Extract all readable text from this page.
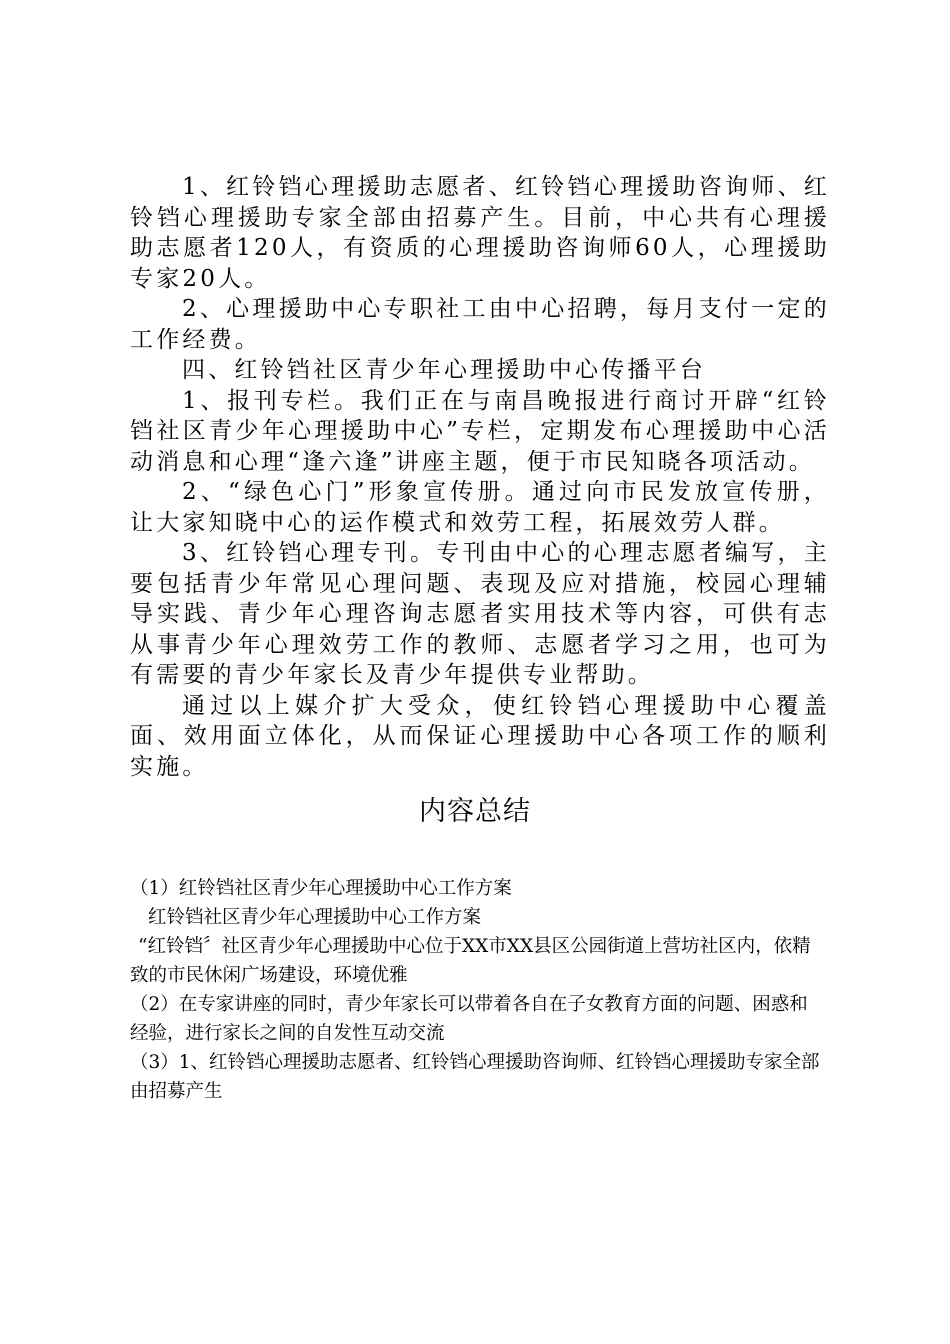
1、红铃铛心理援助志愿者、红铃铛心理援助咨询师、红铃铛心理援助专家全部由招募产生。目前，中心共有心理援助志愿者120人，有资质的心理援助咨询师60人，心理援助专家20人。

2、心理援助中心专职社工由中心招聘，每月支付一定的工作经费。

四、红铃铛社区青少年心理援助中心传播平台

1、报刊专栏。我们正在与南昌晚报进行商讨开辟“红铃铛社区青少年心理援助中心”专栏，定期发布心理援助中心活动消息和心理“逢六逢”讲座主题，便于市民知晓各项活动。

2、“绿色心门”形象宣传册。通过向市民发放宣传册，让大家知晓中心的运作模式和效劳工程，拓展效劳人群。

3、红铃铛心理专刊。专刊由中心的心理志愿者编写，主要包括青少年常见心理问题、表现及应对措施，校园心理辅导实践、青少年心理咨询志愿者实用技术等内容，可供有志从事青少年心理效劳工作的教师、志愿者学习之用，也可为有需要的青少年家长及青少年提供专业帮助。

通过以上媒介扩大受众，使红铃铛心理援助中心覆盖面、效用面立体化，从而保证心理援助中心各项工作的顺利实施。

内容总结

（1）红铃铛社区青少年心理援助中心工作方案

红铃铛社区青少年心理援助中心工作方案

“红铃铛〞社区青少年心理援助中心位于XX市XX县区公园街道上营坊社区内，依精致的市民休闲广场建设，环境优雅

（2）在专家讲座的同时，青少年家长可以带着各自在子女教育方面的问题、困惑和经验，进行家长之间的自发性互动交流

（3）1、红铃铛心理援助志愿者、红铃铛心理援助咨询师、红铃铛心理援助专家全部由招募产生
